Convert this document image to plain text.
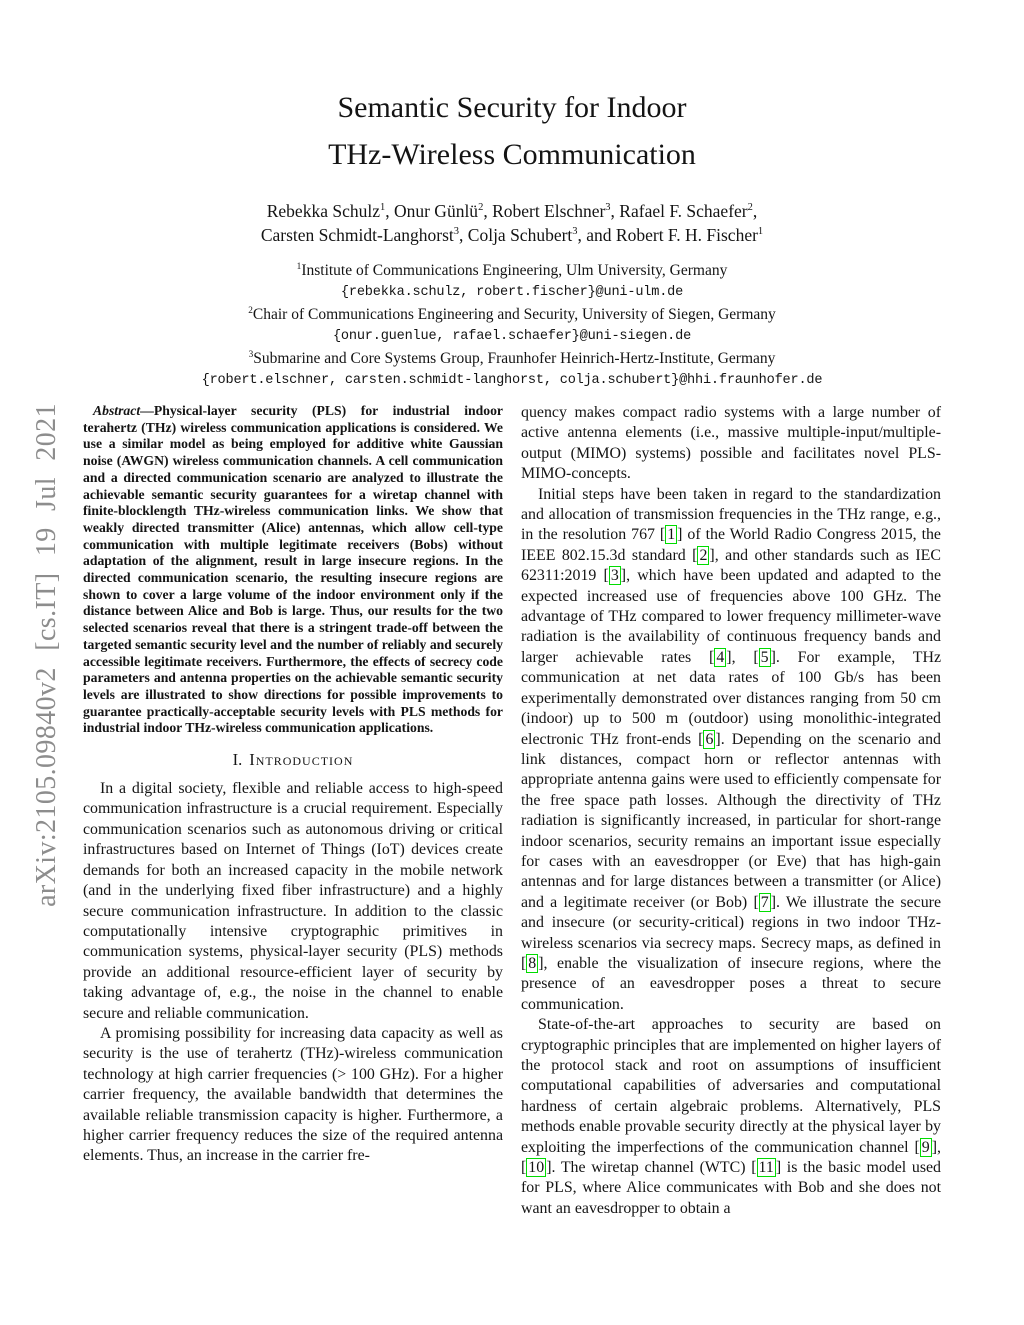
arXiv:2105.09840v2 [cs.IT] 19 Jul 2021
Semantic Security for Indoor
THz-Wireless Communication
Rebekka Schulz$^1$, Onur Günlü$^2$, Robert Elschner$^3$, Rafael F. Schaefer$^2$,
Carsten Schmidt-Langhorst$^3$, Colja Schubert$^3$, and Robert F. H. Fischer$^1$
$^1$Institute of Communications Engineering, Ulm University, Germany
{rebekka.schulz, robert.fischer}@uni-ulm.de
$^2$Chair of Communications Engineering and Security, University of Siegen, Germany
{onur.guenlue, rafael.schaefer}@uni-siegen.de
$^3$Submarine and Core Systems Group, Fraunhofer Heinrich-Hertz-Institute, Germany
{robert.elschner, carsten.schmidt-langhorst, colja.schubert}@hhi.fraunhofer.de

Abstract—Physical-layer security (PLS) for industrial indoor terahertz (THz) wireless communication applications is considered. We use a similar model as being employed for additive white Gaussian noise (AWGN) wireless communication channels. A cell communication and a directed communication scenario are analyzed to illustrate the achievable semantic security guarantees for a wiretap channel with finite-blocklength THz-wireless communication links. We show that weakly directed transmitter (Alice) antennas, which allow cell-type communication with multiple legitimate receivers (Bobs) without adaptation of the alignment, result in large insecure regions. In the directed communication scenario, the resulting insecure regions are shown to cover a large volume of the indoor environment only if the distance between Alice and Bob is large. Thus, our results for the two selected scenarios reveal that there is a stringent trade-off between the targeted semantic security level and the number of reliably and securely accessible legitimate receivers. Furthermore, the effects of secrecy code parameters and antenna properties on the achievable semantic security levels are illustrated to show directions for possible improvements to guarantee practically-acceptable security levels with PLS methods for industrial indoor THz-wireless communication applications.

I. Introduction

In a digital society, flexible and reliable access to high-speed communication infrastructure is a crucial requirement. Especially communication scenarios such as autonomous driving or critical infrastructures based on Internet of Things (IoT) devices create demands for both an increased capacity in the mobile network (and in the underlying fixed fiber infrastructure) and a highly secure communication infrastructure. In addition to the classic computationally intensive cryptographic primitives in communication systems, physical-layer security (PLS) methods provide an additional resource-efficient layer of security by taking advantage of, e.g., the noise in the channel to enable secure and reliable communication.

A promising possibility for increasing data capacity as well as security is the use of terahertz (THz)-wireless communication technology at high carrier frequencies (> 100 GHz). For a higher carrier frequency, the available bandwidth that determines the available reliable transmission capacity is higher. Furthermore, a higher carrier frequency reduces the size of the required antenna elements. Thus, an increase in the carrier fre-

quency makes compact radio systems with a large number of active antenna elements (i.e., massive multiple-input/multiple-output (MIMO) systems) possible and facilitates novel PLS-MIMO-concepts.

Initial steps have been taken in regard to the standardization and allocation of transmission frequencies in the THz range, e.g., in the resolution 767 [ 1 ] of the World Radio Congress 2015, the IEEE 802.15.3d standard [ 2 ], and other standards such as IEC 62311:2019 [ 3 ], which have been updated and adapted to the expected increased use of frequencies above 100 GHz. The advantage of THz compared to lower frequency millimeter-wave radiation is the availability of continuous frequency bands and larger achievable rates [ 4 ], [ 5 ]. For example, THz communication at net data rates of 100 Gb/s has been experimentally demonstrated over distances ranging from 50 cm (indoor) up to 500 m (outdoor) using monolithic-integrated electronic THz front-ends [ 6 ]. Depending on the scenario and link distances, compact horn or reflector antennas with appropriate antenna gains were used to efficiently compensate for the free space path losses. Although the directivity of THz radiation is significantly increased, in particular for short-range indoor scenarios, security remains an important issue especially for cases with an eavesdropper (or Eve) that has high-gain antennas and for large distances between a transmitter (or Alice) and a legitimate receiver (or Bob) [ 7 ]. We illustrate the secure and insecure (or security-critical) regions in two indoor THz-wireless scenarios via secrecy maps. Secrecy maps, as defined in [ 8 ], enable the visualization of insecure regions, where the presence of an eavesdropper poses a threat to secure communication.

State-of-the-art approaches to security are based on cryptographic principles that are implemented on higher layers of the protocol stack and root on assumptions of insufficient computational capabilities of adversaries and computational hardness of certain algebraic problems. Alternatively, PLS methods enable provable security directly at the physical layer by exploiting the imperfections of the communication channel [ 9 ], [ 10 ]. The wiretap channel (WTC) [ 11 ] is the basic model used for PLS, where Alice communicates with Bob and she does not want an eavesdropper to obtain a
